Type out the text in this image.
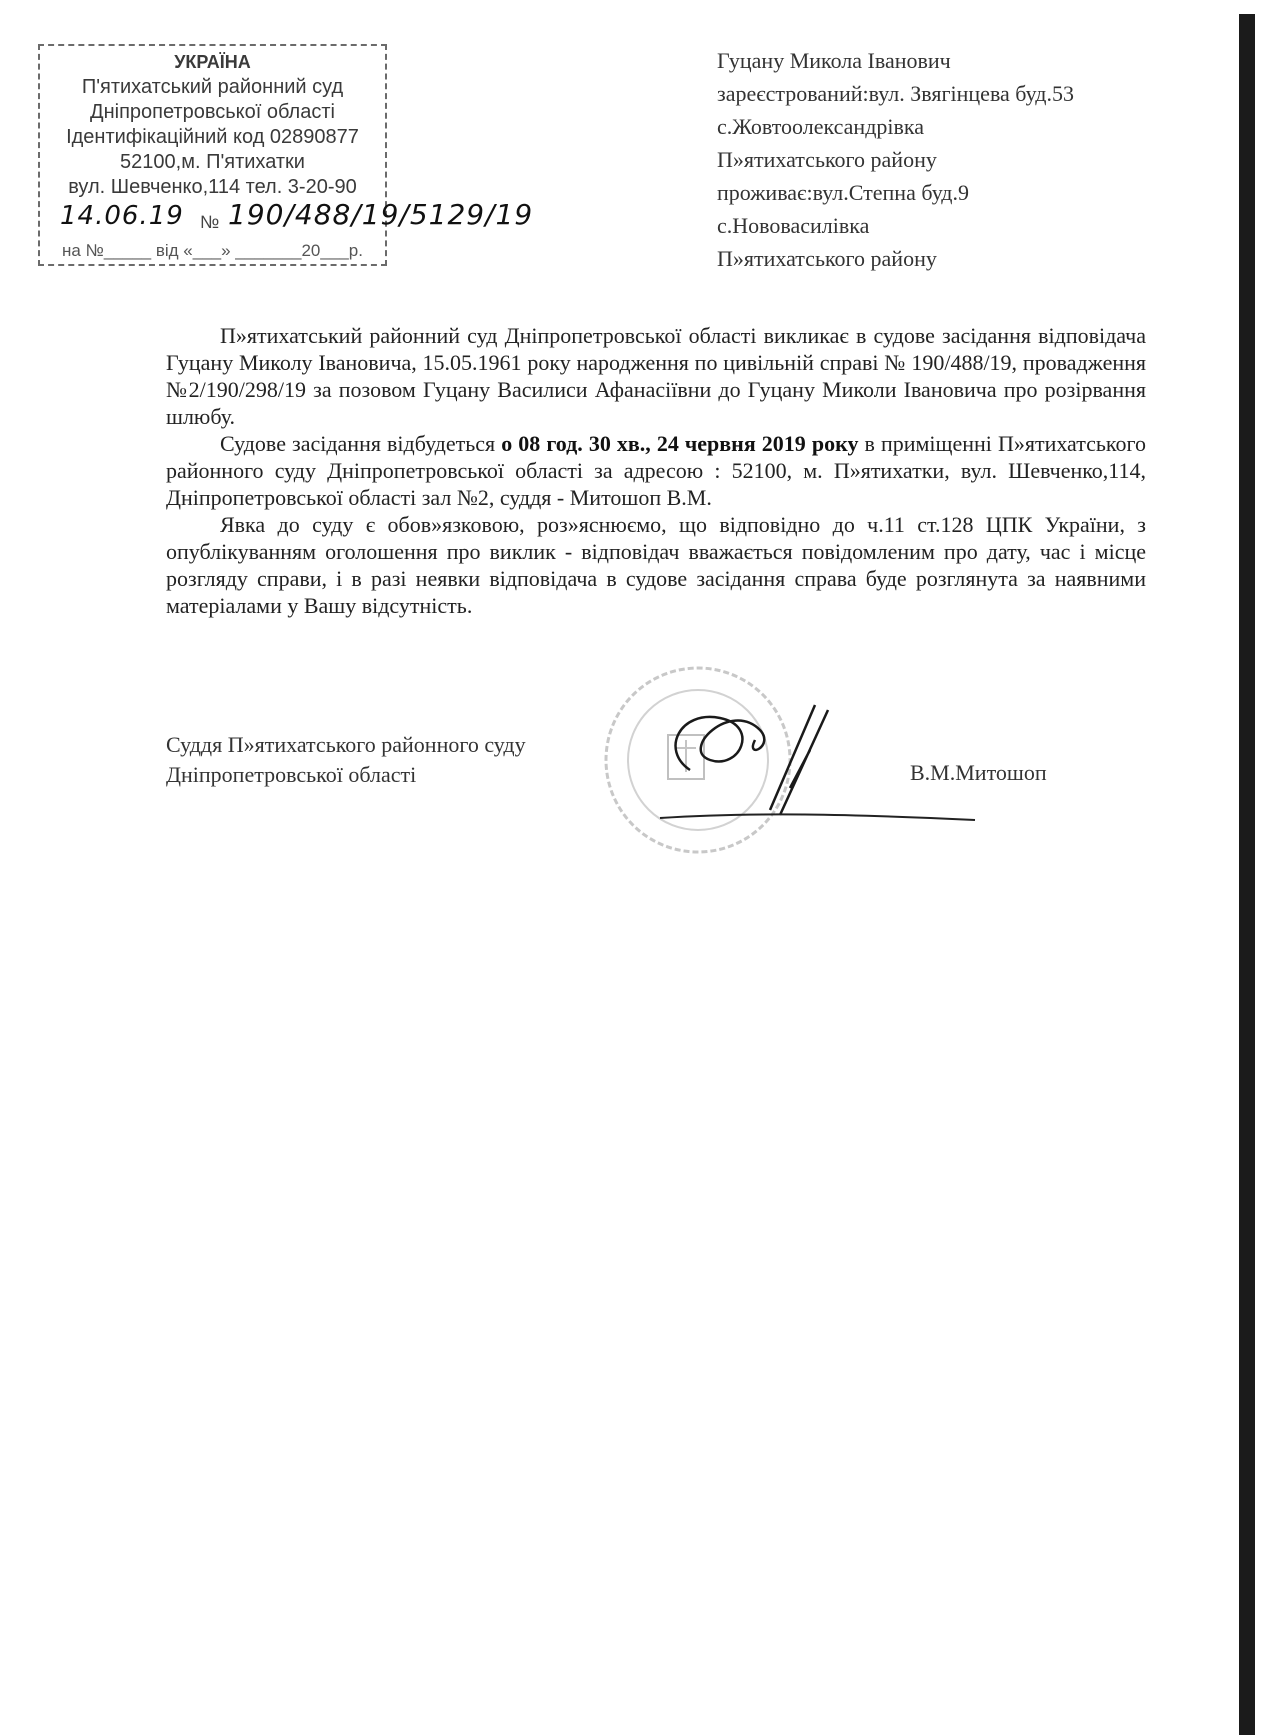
УКРАЇНА
П'ятихатський районний суд
Дніпропетровської області
Ідентифікаційний код 02890877
52100,м. П'ятихатки
вул. Шевченко,114 тел. 3-20-90
14.06.19 № 190/488/19/5129/19
на №_____ від «___» _______20___р.
Гуцану Микола Іванович
зареєстрований:вул. Звягінцева буд.53
с.Жовтоолександрівка
П»ятихатського району
проживає:вул.Степна буд.9
с.Нововасилівка
П»ятихатського району

П»ятихатський районний суд Дніпропетровської області викликає в судове засідання відповідача Гуцану Миколу Івановича, 15.05.1961 року народження по цивільній справі № 190/488/19, провадження №2/190/298/19 за позовом Гуцану Василиси Афанасіївни до Гуцану Миколи Івановича про розірвання шлюбу.

Судове засідання відбудеться о 08 год. 30 хв., 24 червня 2019 року в приміщенні П»ятихатського районного суду Дніпропетровської області за адресою : 52100, м. П»ятихатки, вул. Шевченко,114, Дніпропетровської області зал №2, суддя - Митошоп В.М.

Явка до суду є обов»язковою, роз»яснюємо, що відповідно до ч.11 ст.128 ЦПК України, з опублікуванням оголошення про виклик - відповідач вважається повідомленим про дату, час і місце розгляду справи, і в разі неявки відповідача в судове засідання справа буде розглянута за наявними матеріалами у Вашу відсутність.

Суддя П»ятихатського районного суду
Дніпропетровської області	В.М.Митошоп
